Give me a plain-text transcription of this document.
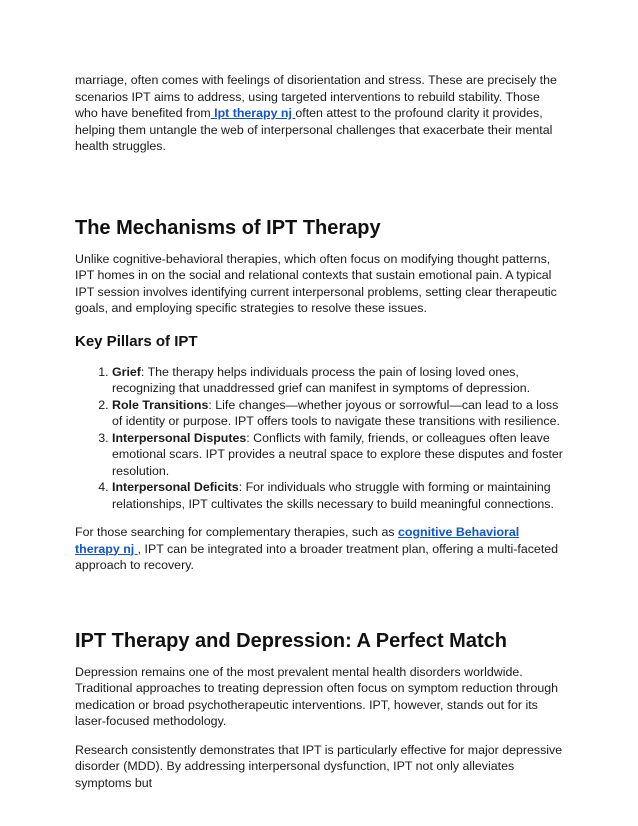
marriage, often comes with feelings of disorientation and stress. These are precisely the scenarios IPT aims to address, using targeted interventions to rebuild stability. Those who have benefited from Ipt therapy nj often attest to the profound clarity it provides, helping them untangle the web of interpersonal challenges that exacerbate their mental health struggles.

The Mechanisms of IPT Therapy

Unlike cognitive-behavioral therapies, which often focus on modifying thought patterns, IPT homes in on the social and relational contexts that sustain emotional pain. A typical IPT session involves identifying current interpersonal problems, setting clear therapeutic goals, and employing specific strategies to resolve these issues.

Key Pillars of IPT
1. Grief: The therapy helps individuals process the pain of losing loved ones, recognizing that unaddressed grief can manifest in symptoms of depression.
2. Role Transitions: Life changes—whether joyous or sorrowful—can lead to a loss of identity or purpose. IPT offers tools to navigate these transitions with resilience.
3. Interpersonal Disputes: Conflicts with family, friends, or colleagues often leave emotional scars. IPT provides a neutral space to explore these disputes and foster resolution.
4. Interpersonal Deficits: For individuals who struggle with forming or maintaining relationships, IPT cultivates the skills necessary to build meaningful connections.

For those searching for complementary therapies, such as cognitive Behavioral therapy nj , IPT can be integrated into a broader treatment plan, offering a multi-faceted approach to recovery.

IPT Therapy and Depression: A Perfect Match

Depression remains one of the most prevalent mental health disorders worldwide. Traditional approaches to treating depression often focus on symptom reduction through medication or broad psychotherapeutic interventions. IPT, however, stands out for its laser-focused methodology.

Research consistently demonstrates that IPT is particularly effective for major depressive disorder (MDD). By addressing interpersonal dysfunction, IPT not only alleviates symptoms but
